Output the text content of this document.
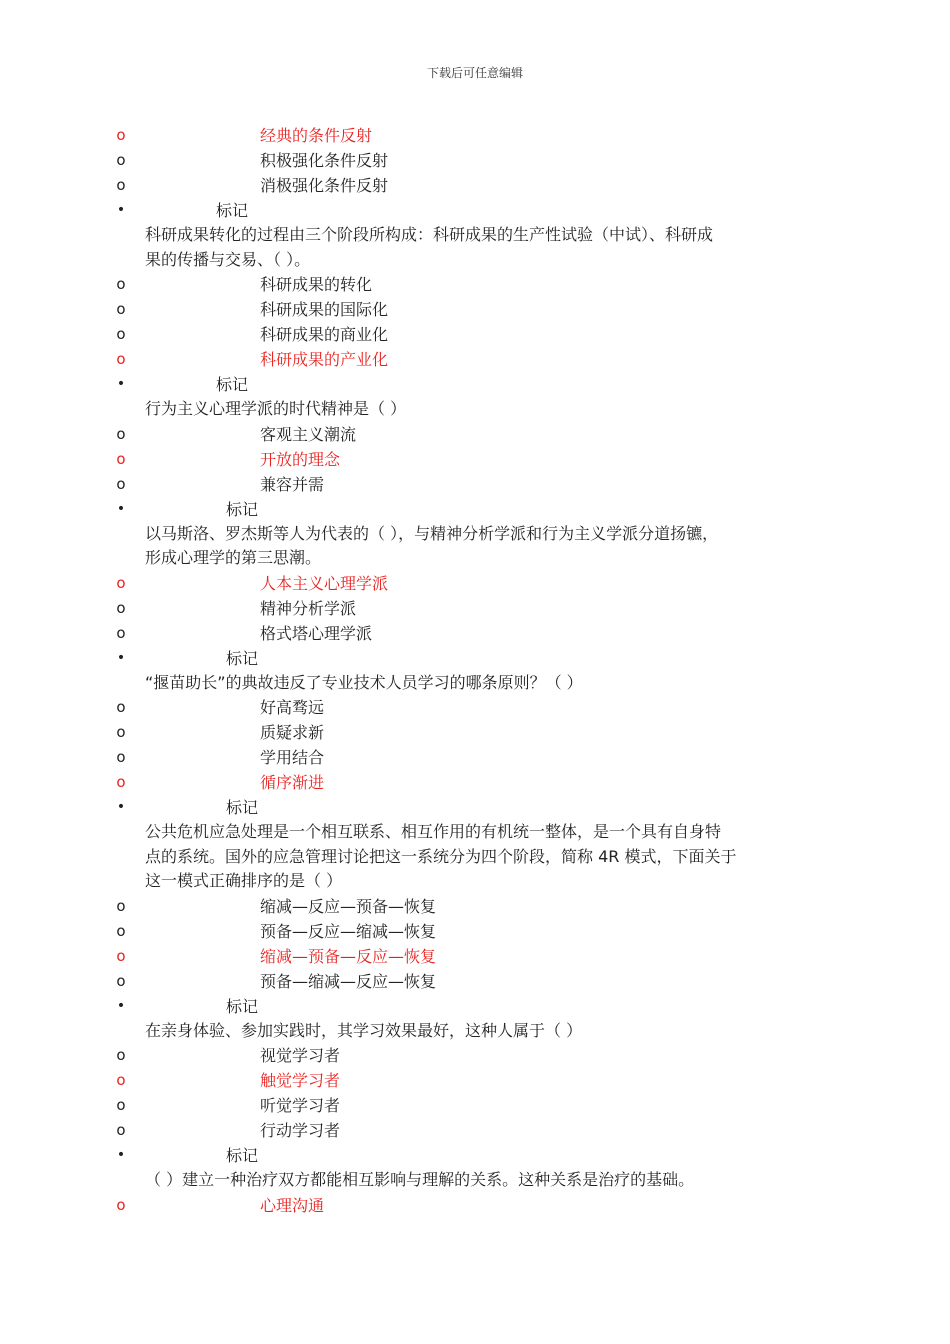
下载后可任意编辑
o	经典的条件反射
o	积极强化条件反射
o	消极强化条件反射
•	标记
科研成果转化的过程由三个阶段所构成：科研成果的生产性试验（中试）、科研成
果的传播与交易、（ ）。
o	科研成果的转化
o	科研成果的国际化
o	科研成果的商业化
o	科研成果的产业化
•	标记
行为主义心理学派的时代精神是（ ）
o	客观主义潮流
o	开放的理念
o	兼容并需
•	标记
以马斯洛、罗杰斯等人为代表的（ ），与精神分析学派和行为主义学派分道扬镳，
形成心理学的第三思潮。
o	人本主义心理学派
o	精神分析学派
o	格式塔心理学派
•	标记
“揠苗助长”的典故违反了专业技术人员学习的哪条原则？（ ）
o	好高骛远
o	质疑求新
o	学用结合
o	循序渐进
•	标记
公共危机应急处理是一个相互联系、相互作用的有机统一整体，是一个具有自身特
点的系统。国外的应急管理讨论把这一系统分为四个阶段，简称 4R 模式，下面关于
这一模式正确排序的是（ ）
o	缩减—反应—预备—恢复
o	预备—反应—缩减—恢复
o	缩减—预备—反应—恢复
o	预备—缩减—反应—恢复
•	标记
在亲身体验、参加实践时，其学习效果最好，这种人属于（ ）
o	视觉学习者
o	触觉学习者
o	听觉学习者
o	行动学习者
•	标记
（ ）建立一种治疗双方都能相互影响与理解的关系。这种关系是治疗的基础。
o	心理沟通
